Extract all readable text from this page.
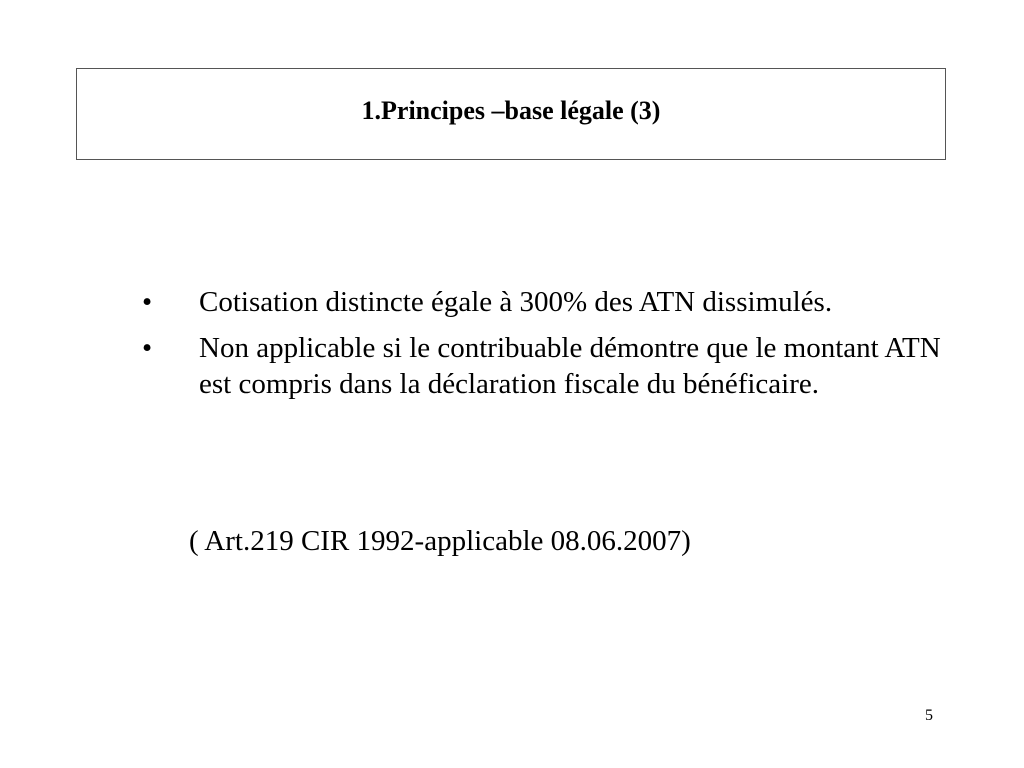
1.Principes –base légale (3)
•	Cotisation distincte égale à 300% des ATN dissimulés.
•	Non applicable si le contribuable démontre que le montant ATN est compris dans la déclaration fiscale du bénéficaire.
( Art.219 CIR 1992-applicable 08.06.2007)
5
